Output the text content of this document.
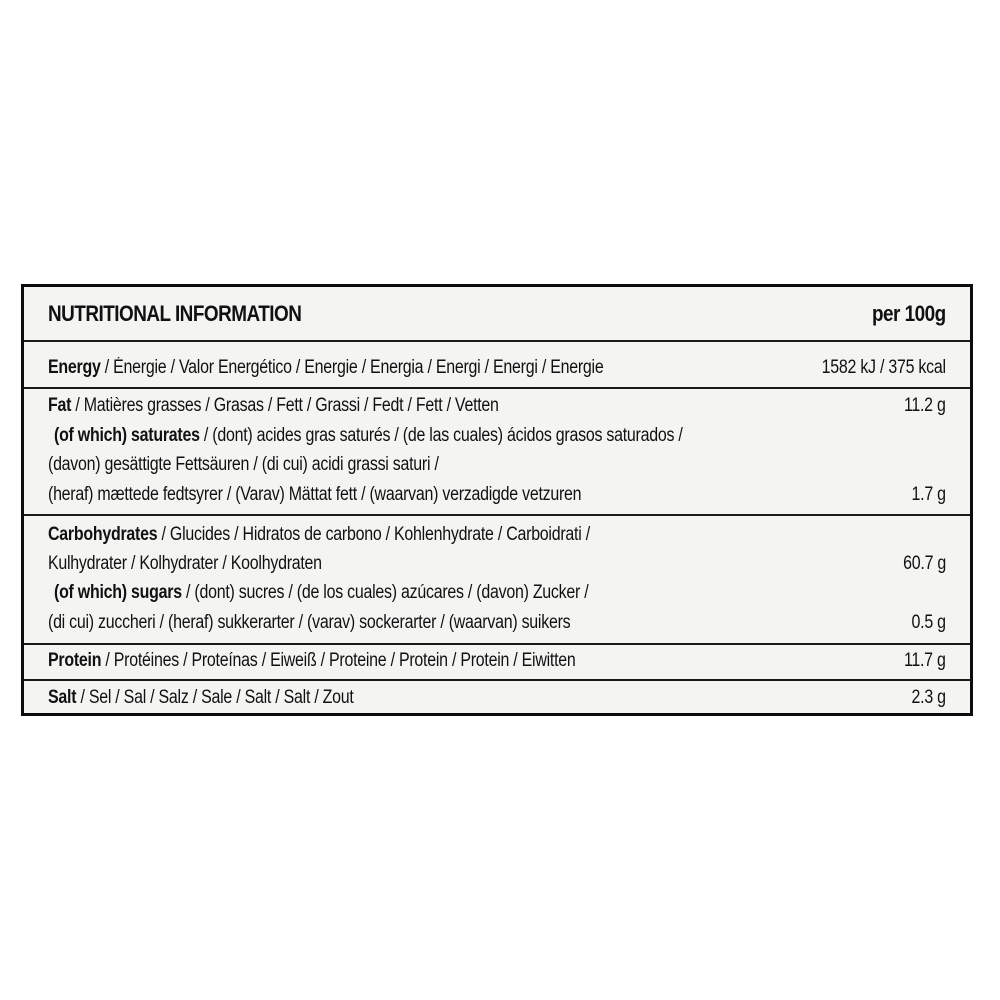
NUTRITIONAL INFORMATION	per 100g
Energy / Énergie / Valor Energético / Energie / Energia / Energi / Energi / Energie	1582 kJ / 375 kcal
Fat / Matières grasses / Grasas / Fett / Grassi / Fedt / Fett / Vetten	11.2 g
(of which) saturates / (dont) acides gras saturés / (de las cuales) ácidos grasos saturados /
(davon) gesättigte Fettsäuren / (di cui) acidi grassi saturi /
(heraf) mættede fedtsyrer / (Varav) Mättat fett / (waarvan) verzadigde vetzuren	1.7 g
Carbohydrates / Glucides / Hidratos de carbono / Kohlenhydrate / Carboidrati /
Kulhydrater / Kolhydrater / Koolhydraten	60.7 g
(of which) sugars / (dont) sucres / (de los cuales) azúcares / (davon) Zucker /
(di cui) zuccheri / (heraf) sukkerarter / (varav) sockerarter / (waarvan) suikers	0.5 g
Protein / Protéines / Proteínas / Eiweiß / Proteine / Protein / Protein / Eiwitten	11.7 g
Salt / Sel / Sal / Salz / Sale / Salt / Salt / Zout	2.3 g
